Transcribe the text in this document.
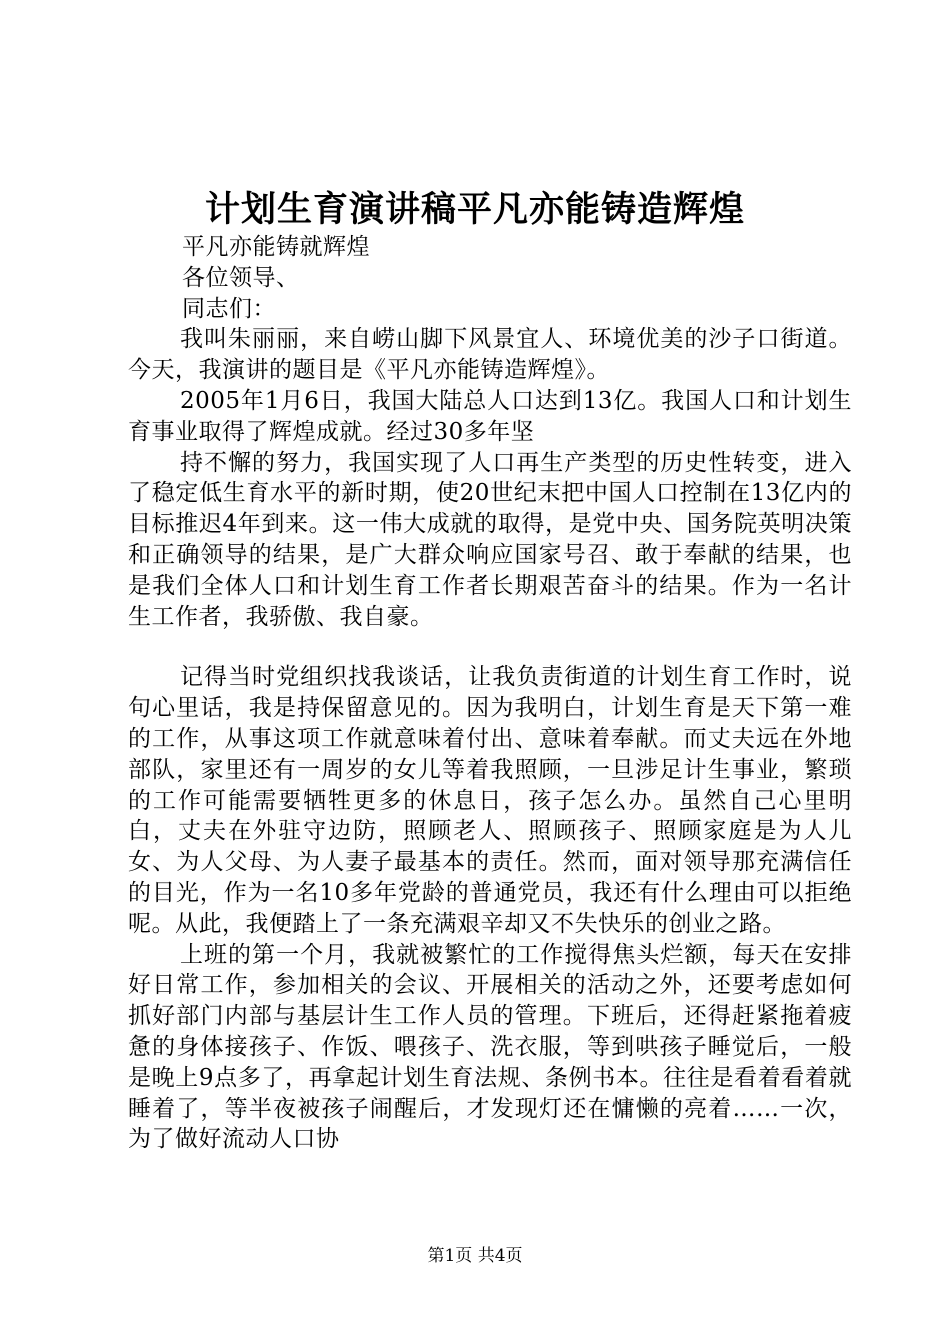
计划生育演讲稿平凡亦能铸造辉煌
平凡亦能铸就辉煌
各位领导、
同志们：

我叫朱丽丽，来自崂山脚下风景宜人、环境优美的沙子口街道。今天，我演讲的题目是《平凡亦能铸造辉煌》。

2005年1月6日，我国大陆总人口达到13亿。我国人口和计划生育事业取得了辉煌成就。经过30多年坚

持不懈的努力，我国实现了人口再生产类型的历史性转变，进入了稳定低生育水平的新时期，使20世纪末把中国人口控制在13亿内的目标推迟4年到来。这一伟大成就的取得，是党中央、国务院英明决策和正确领导的结果，是广大群众响应国家号召、敢于奉献的结果，也是我们全体人口和计划生育工作者长期艰苦奋斗的结果。作为一名计生工作者，我骄傲、我自豪。

记得当时党组织找我谈话，让我负责街道的计划生育工作时，说句心里话，我是持保留意见的。因为我明白，计划生育是天下第一难的工作，从事这项工作就意味着付出、意味着奉献。而丈夫远在外地部队，家里还有一周岁的女儿等着我照顾，一旦涉足计生事业，繁琐的工作可能需要牺牲更多的休息日，孩子怎么办。虽然自己心里明白，丈夫在外驻守边防，照顾老人、照顾孩子、照顾家庭是为人儿女、为人父母、为人妻子最基本的责任。然而，面对领导那充满信任的目光，作为一名10多年党龄的普通党员，我还有什么理由可以拒绝呢。从此，我便踏上了一条充满艰辛却又不失快乐的创业之路。

上班的第一个月，我就被繁忙的工作搅得焦头烂额，每天在安排好日常工作，参加相关的会议、开展相关的活动之外，还要考虑如何抓好部门内部与基层计生工作人员的管理。下班后，还得赶紧拖着疲惫的身体接孩子、作饭、喂孩子、洗衣服，等到哄孩子睡觉后，一般是晚上9点多了，再拿起计划生育法规、条例书本。往往是看着看着就睡着了，等半夜被孩子闹醒后，才发现灯还在慵懒的亮着……一次，为了做好流动人口协

第1页 共4页
